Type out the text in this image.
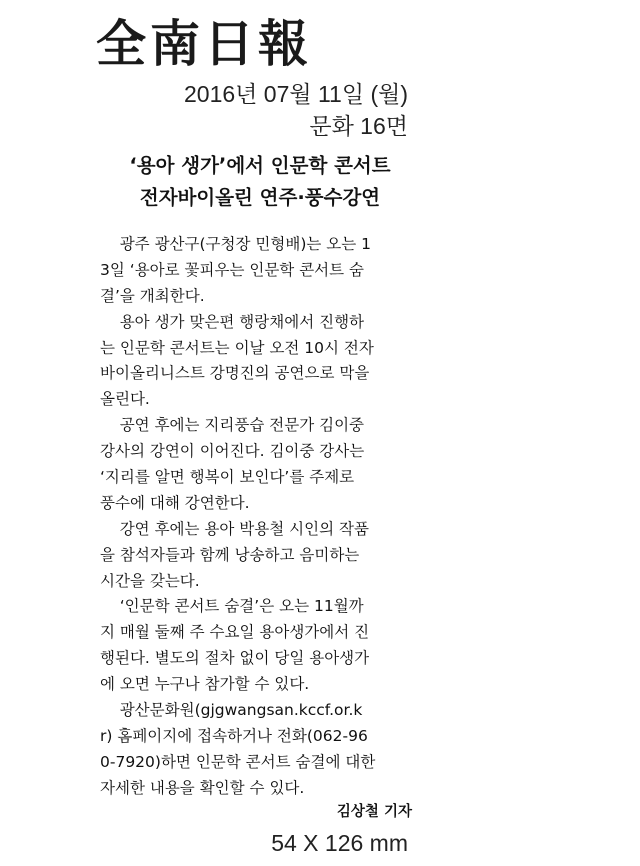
全南日報
2016년 07월 11일 (월)
문화 16면
‘용아 생가’에서 인문학 콘서트
전자바이올린 연주·풍수강연
광주 광산구(구청장 민형배)는 오는 1
3일 ‘용아로 꽃피우는 인문학 콘서트 숨
결’을 개최한다.
용아 생가 맞은편 행랑채에서 진행하
는 인문학 콘서트는 이날 오전 10시 전자
바이올리니스트 강명진의 공연으로 막을
올린다.
공연 후에는 지리풍습 전문가 김이중
강사의 강연이 이어진다. 김이중 강사는
‘지리를 알면 행복이 보인다’를 주제로
풍수에 대해 강연한다.
강연 후에는 용아 박용철 시인의 작품
을 참석자들과 함께 낭송하고 음미하는
시간을 갖는다.
‘인문학 콘서트 숨결’은 오는 11월까
지 매월 둘째 주 수요일 용아생가에서 진
행된다. 별도의 절차 없이 당일 용아생가
에 오면 누구나 참가할 수 있다.
광산문화원(gjgwangsan.kccf.or.k
r) 홈페이지에 접속하거나 전화(062-96
0-7920)하면 인문학 콘서트 숨결에 대한
자세한 내용을 확인할 수 있다.
김상철 기자
54 X 126 mm
